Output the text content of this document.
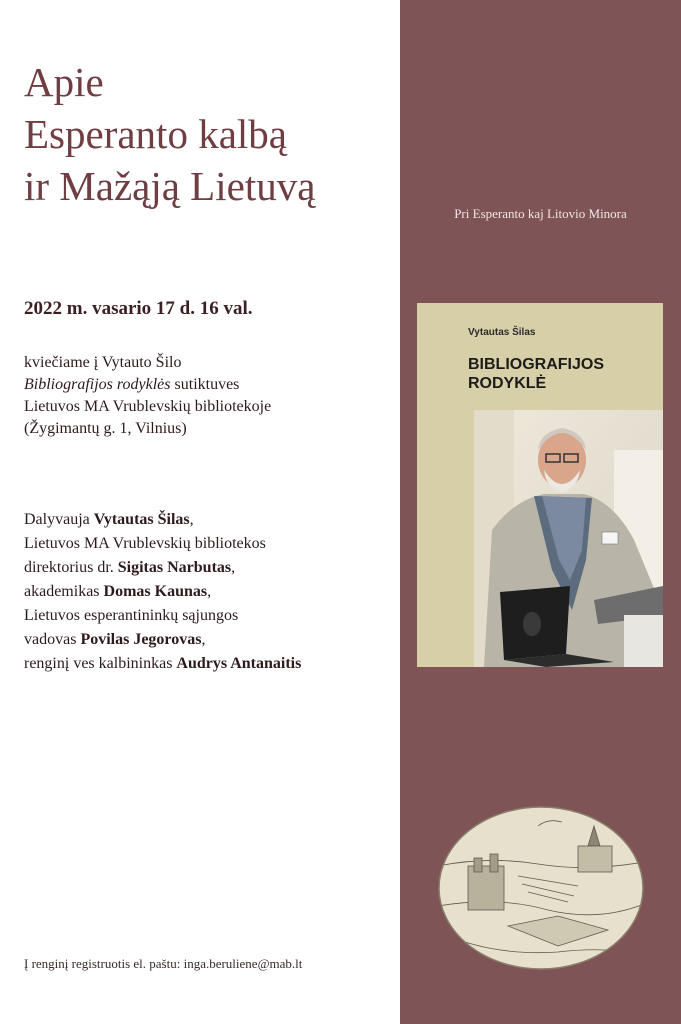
Apie
Esperanto kalbą
ir Mažąją Lietuvą

2022 m. vasario 17 d. 16 val.

kviečiame į Vytauto Šilo
Bibliografijos rodyklės sutiktuves
Lietuvos MA Vrublevskių bibliotekoje
(Žygimantų g. 1, Vilnius)
Dalyvauja Vytautas Šilas,
Lietuvos MA Vrublevskių bibliotekos
direktorius dr. Sigitas Narbutas,
akademikas Domas Kaunas,
Lietuvos esperantininkų sąjungos
vadovas Povilas Jegorovas,
renginį ves kalbininkas Audrys Antanaitis
Į renginį registruotis el. paštu: inga.beruliene@mab.lt
Pri Esperanto kaj Litovio Minora
Vytautas Šilas
BIBLIOGRAFIJOS
RODYKLĖ
